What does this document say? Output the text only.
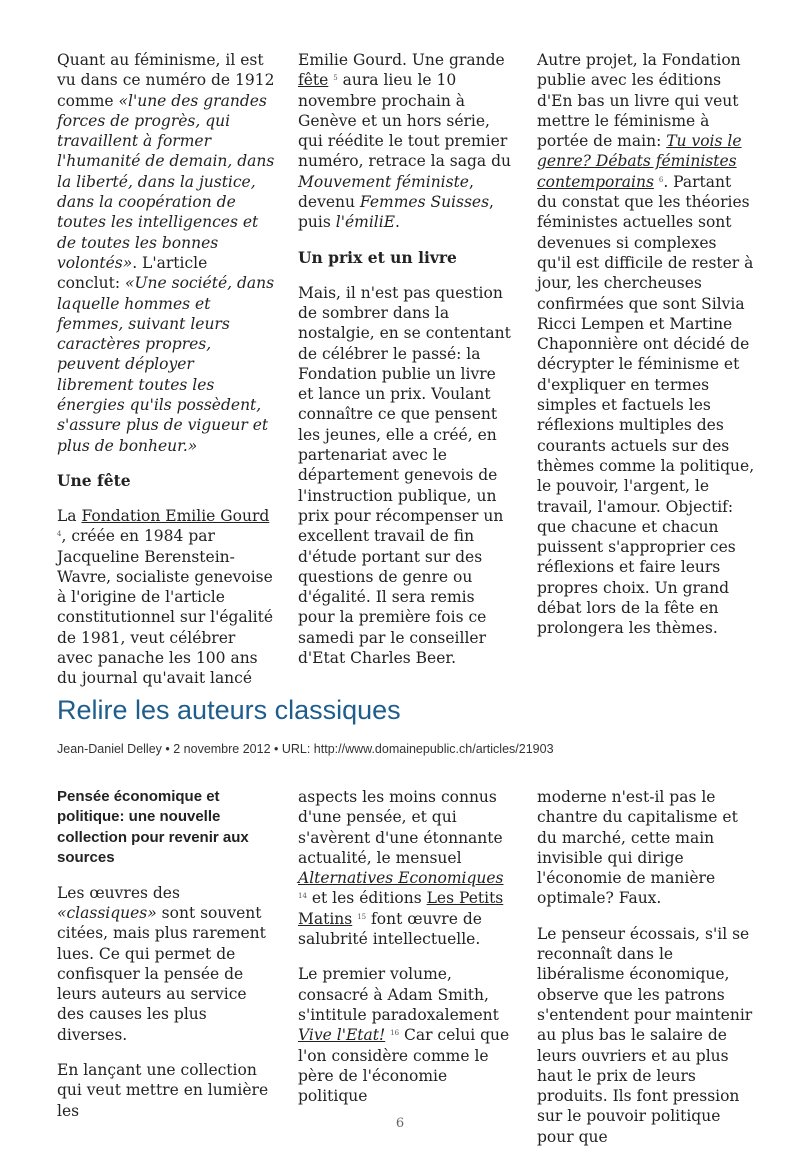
Quant au féminisme, il est vu dans ce numéro de 1912 comme «l'une des grandes forces de progrès, qui travaillent à former l'humanité de demain, dans la liberté, dans la justice, dans la coopération de toutes les intelligences et de toutes les bonnes volontés». L'article conclut: «Une société, dans laquelle hommes et femmes, suivant leurs caractères propres, peuvent déployer librement toutes les énergies qu'ils possèdent, s'assure plus de vigueur et plus de bonheur.»

Une fête

La Fondation Emilie Gourd $^4$, créée en 1984 par Jacqueline Berenstein-Wavre, socialiste genevoise à l'origine de l'article constitutionnel sur l'égalité de 1981, veut célébrer avec panache les 100 ans du journal qu'avait lancé

Emilie Gourd. Une grande fête $^5$ aura lieu le 10 novembre prochain à Genève et un hors série, qui réédite le tout premier numéro, retrace la saga du Mouvement féministe, devenu Femmes Suisses, puis l'émiliE.

Un prix et un livre

Mais, il n'est pas question de sombrer dans la nostalgie, en se contentant de célébrer le passé: la Fondation publie un livre et lance un prix. Voulant connaître ce que pensent les jeunes, elle a créé, en partenariat avec le département genevois de l'instruction publique, un prix pour récompenser un excellent travail de fin d'étude portant sur des questions de genre ou d'égalité. Il sera remis pour la première fois ce samedi par le conseiller d'Etat Charles Beer.

Autre projet, la Fondation publie avec les éditions d'En bas un livre qui veut mettre le féminisme à portée de main: Tu vois le genre? Débats féministes contemporains $^6$. Partant du constat que les théories féministes actuelles sont devenues si complexes qu'il est difficile de rester à jour, les chercheuses confirmées que sont Silvia Ricci Lempen et Martine Chaponnière ont décidé de décrypter le féminisme et d'expliquer en termes simples et factuels les réflexions multiples des courants actuels sur des thèmes comme la politique, le pouvoir, l'argent, le travail, l'amour. Objectif: que chacune et chacun puissent s'approprier ces réflexions et faire leurs propres choix. Un grand débat lors de la fête en prolongera les thèmes.

Relire les auteurs classiques
Jean-Daniel Delley • 2 novembre 2012 • URL: http://www.domainepublic.ch/articles/21903
Pensée économique et politique: une nouvelle collection pour revenir aux sources

Les œuvres des «classiques» sont souvent citées, mais plus rarement lues. Ce qui permet de confisquer la pensée de leurs auteurs au service des causes les plus diverses.

En lançant une collection qui veut mettre en lumière les

aspects les moins connus d'une pensée, et qui s'avèrent d'une étonnante actualité, le mensuel Alternatives Economiques $^{14}$ et les éditions Les Petits Matins $^{15}$ font œuvre de salubrité intellectuelle.

Le premier volume, consacré à Adam Smith, s'intitule paradoxalement Vive l'Etat! $^{16}$ Car celui que l'on considère comme le père de l'économie politique

moderne n'est-il pas le chantre du capitalisme et du marché, cette main invisible qui dirige l'économie de manière optimale? Faux.

Le penseur écossais, s'il se reconnaît dans le libéralisme économique, observe que les patrons s'entendent pour maintenir au plus bas le salaire de leurs ouvriers et au plus haut le prix de leurs produits. Ils font pression sur le pouvoir politique pour que

6
